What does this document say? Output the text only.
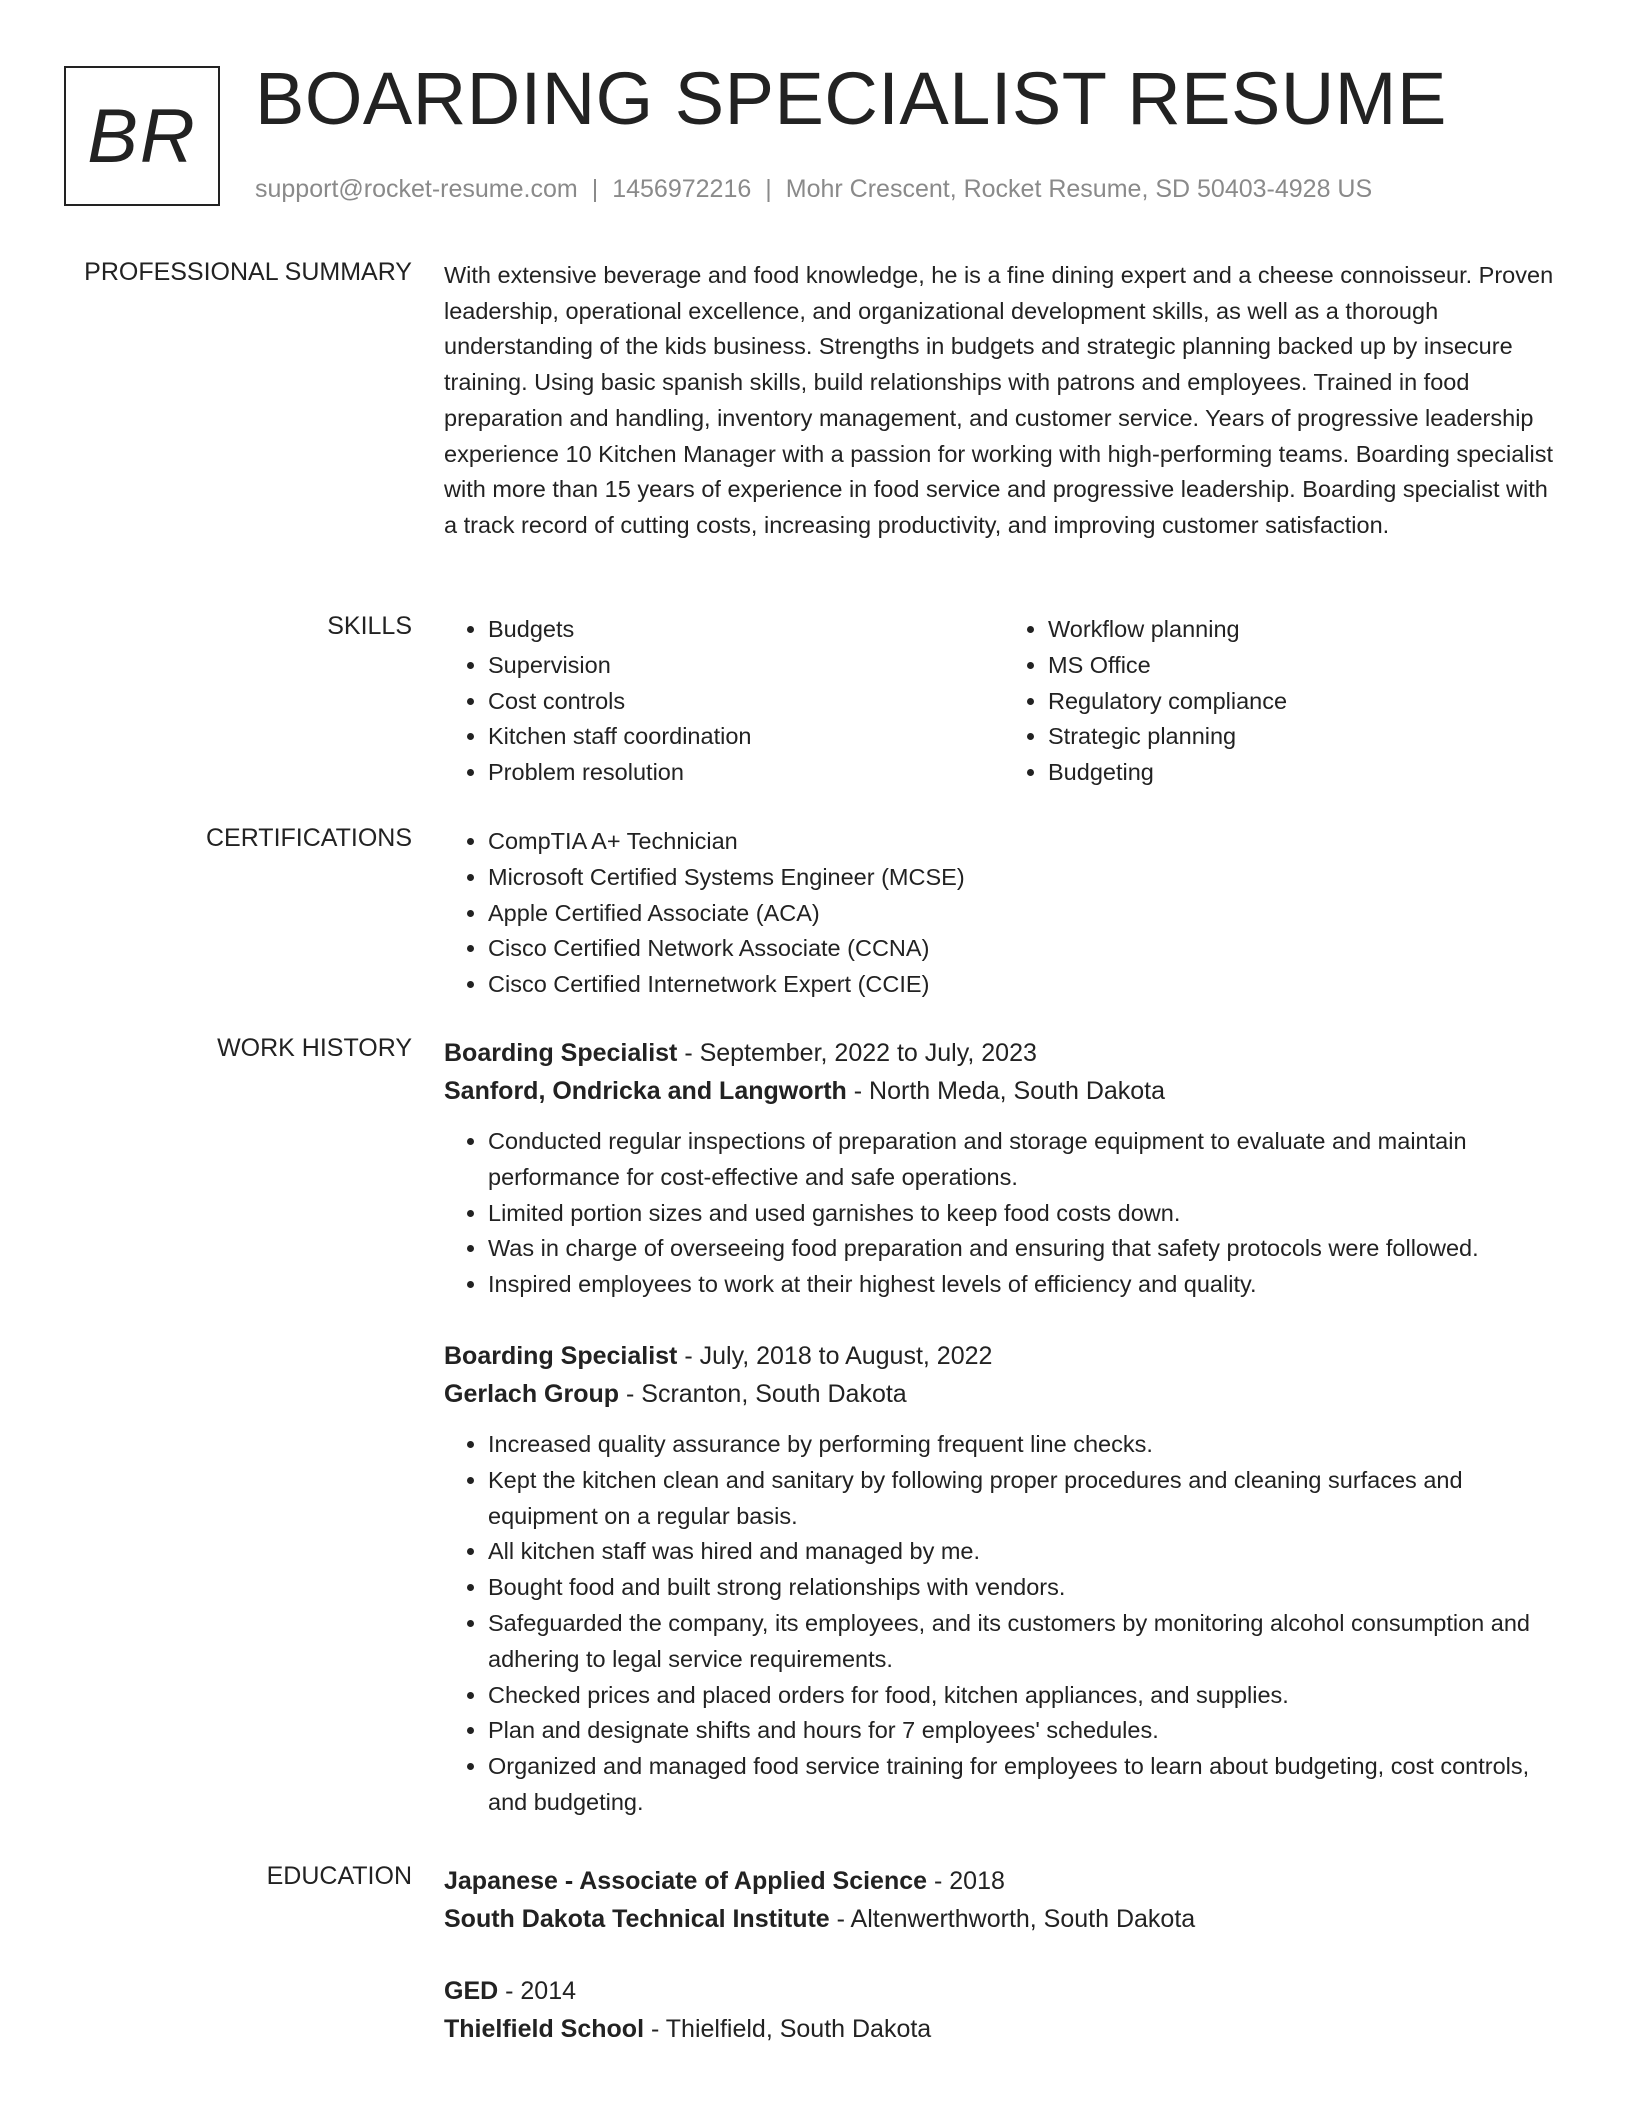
BR BOARDING SPECIALIST RESUME
support@rocket-resume.com | 1456972216 | Mohr Crescent, Rocket Resume, SD 50403-4928 US
PROFESSIONAL SUMMARY With extensive beverage and food knowledge, he is a fine dining expert and a cheese connoisseur. Proven leadership, operational excellence, and organizational development skills, as well as a thorough understanding of the kids business. Strengths in budgets and strategic planning backed up by insecure training. Using basic spanish skills, build relationships with patrons and employees. Trained in food preparation and handling, inventory management, and customer service. Years of progressive leadership experience 10 Kitchen Manager with a passion for working with high-performing teams. Boarding specialist with more than 15 years of experience in food service and progressive leadership. Boarding specialist with a track record of cutting costs, increasing productivity, and improving customer satisfaction.
SKILLS	• Budgets
• Supervision
• Cost controls
• Kitchen staff coordination
• Problem resolution
• Workflow planning
• MS Office
• Regulatory compliance
• Strategic planning
• Budgeting
CERTIFICATIONS	• CompTIA A+ Technician
• Microsoft Certified Systems Engineer (MCSE)
• Apple Certified Associate (ACA)
• Cisco Certified Network Associate (CCNA)
• Cisco Certified Internetwork Expert (CCIE)
WORK HISTORY Boarding Specialist - September, 2022 to July, 2023
Sanford, Ondricka and Langworth - North Meda, South Dakota
• Conducted regular inspections of preparation and storage equipment to evaluate and maintain performance for cost-effective and safe operations.
• Limited portion sizes and used garnishes to keep food costs down.
• Was in charge of overseeing food preparation and ensuring that safety protocols were followed.
• Inspired employees to work at their highest levels of efficiency and quality.
Boarding Specialist - July, 2018 to August, 2022
Gerlach Group - Scranton, South Dakota
• Increased quality assurance by performing frequent line checks.
• Kept the kitchen clean and sanitary by following proper procedures and cleaning surfaces and equipment on a regular basis.
• All kitchen staff was hired and managed by me.
• Bought food and built strong relationships with vendors.
• Safeguarded the company, its employees, and its customers by monitoring alcohol consumption and adhering to legal service requirements.
• Checked prices and placed orders for food, kitchen appliances, and supplies.
• Plan and designate shifts and hours for 7 employees' schedules.
• Organized and managed food service training for employees to learn about budgeting, cost controls, and budgeting.
EDUCATION Japanese - Associate of Applied Science - 2018
South Dakota Technical Institute - Altenwerthworth, South Dakota
GED - 2014
Thielfield School - Thielfield, South Dakota
